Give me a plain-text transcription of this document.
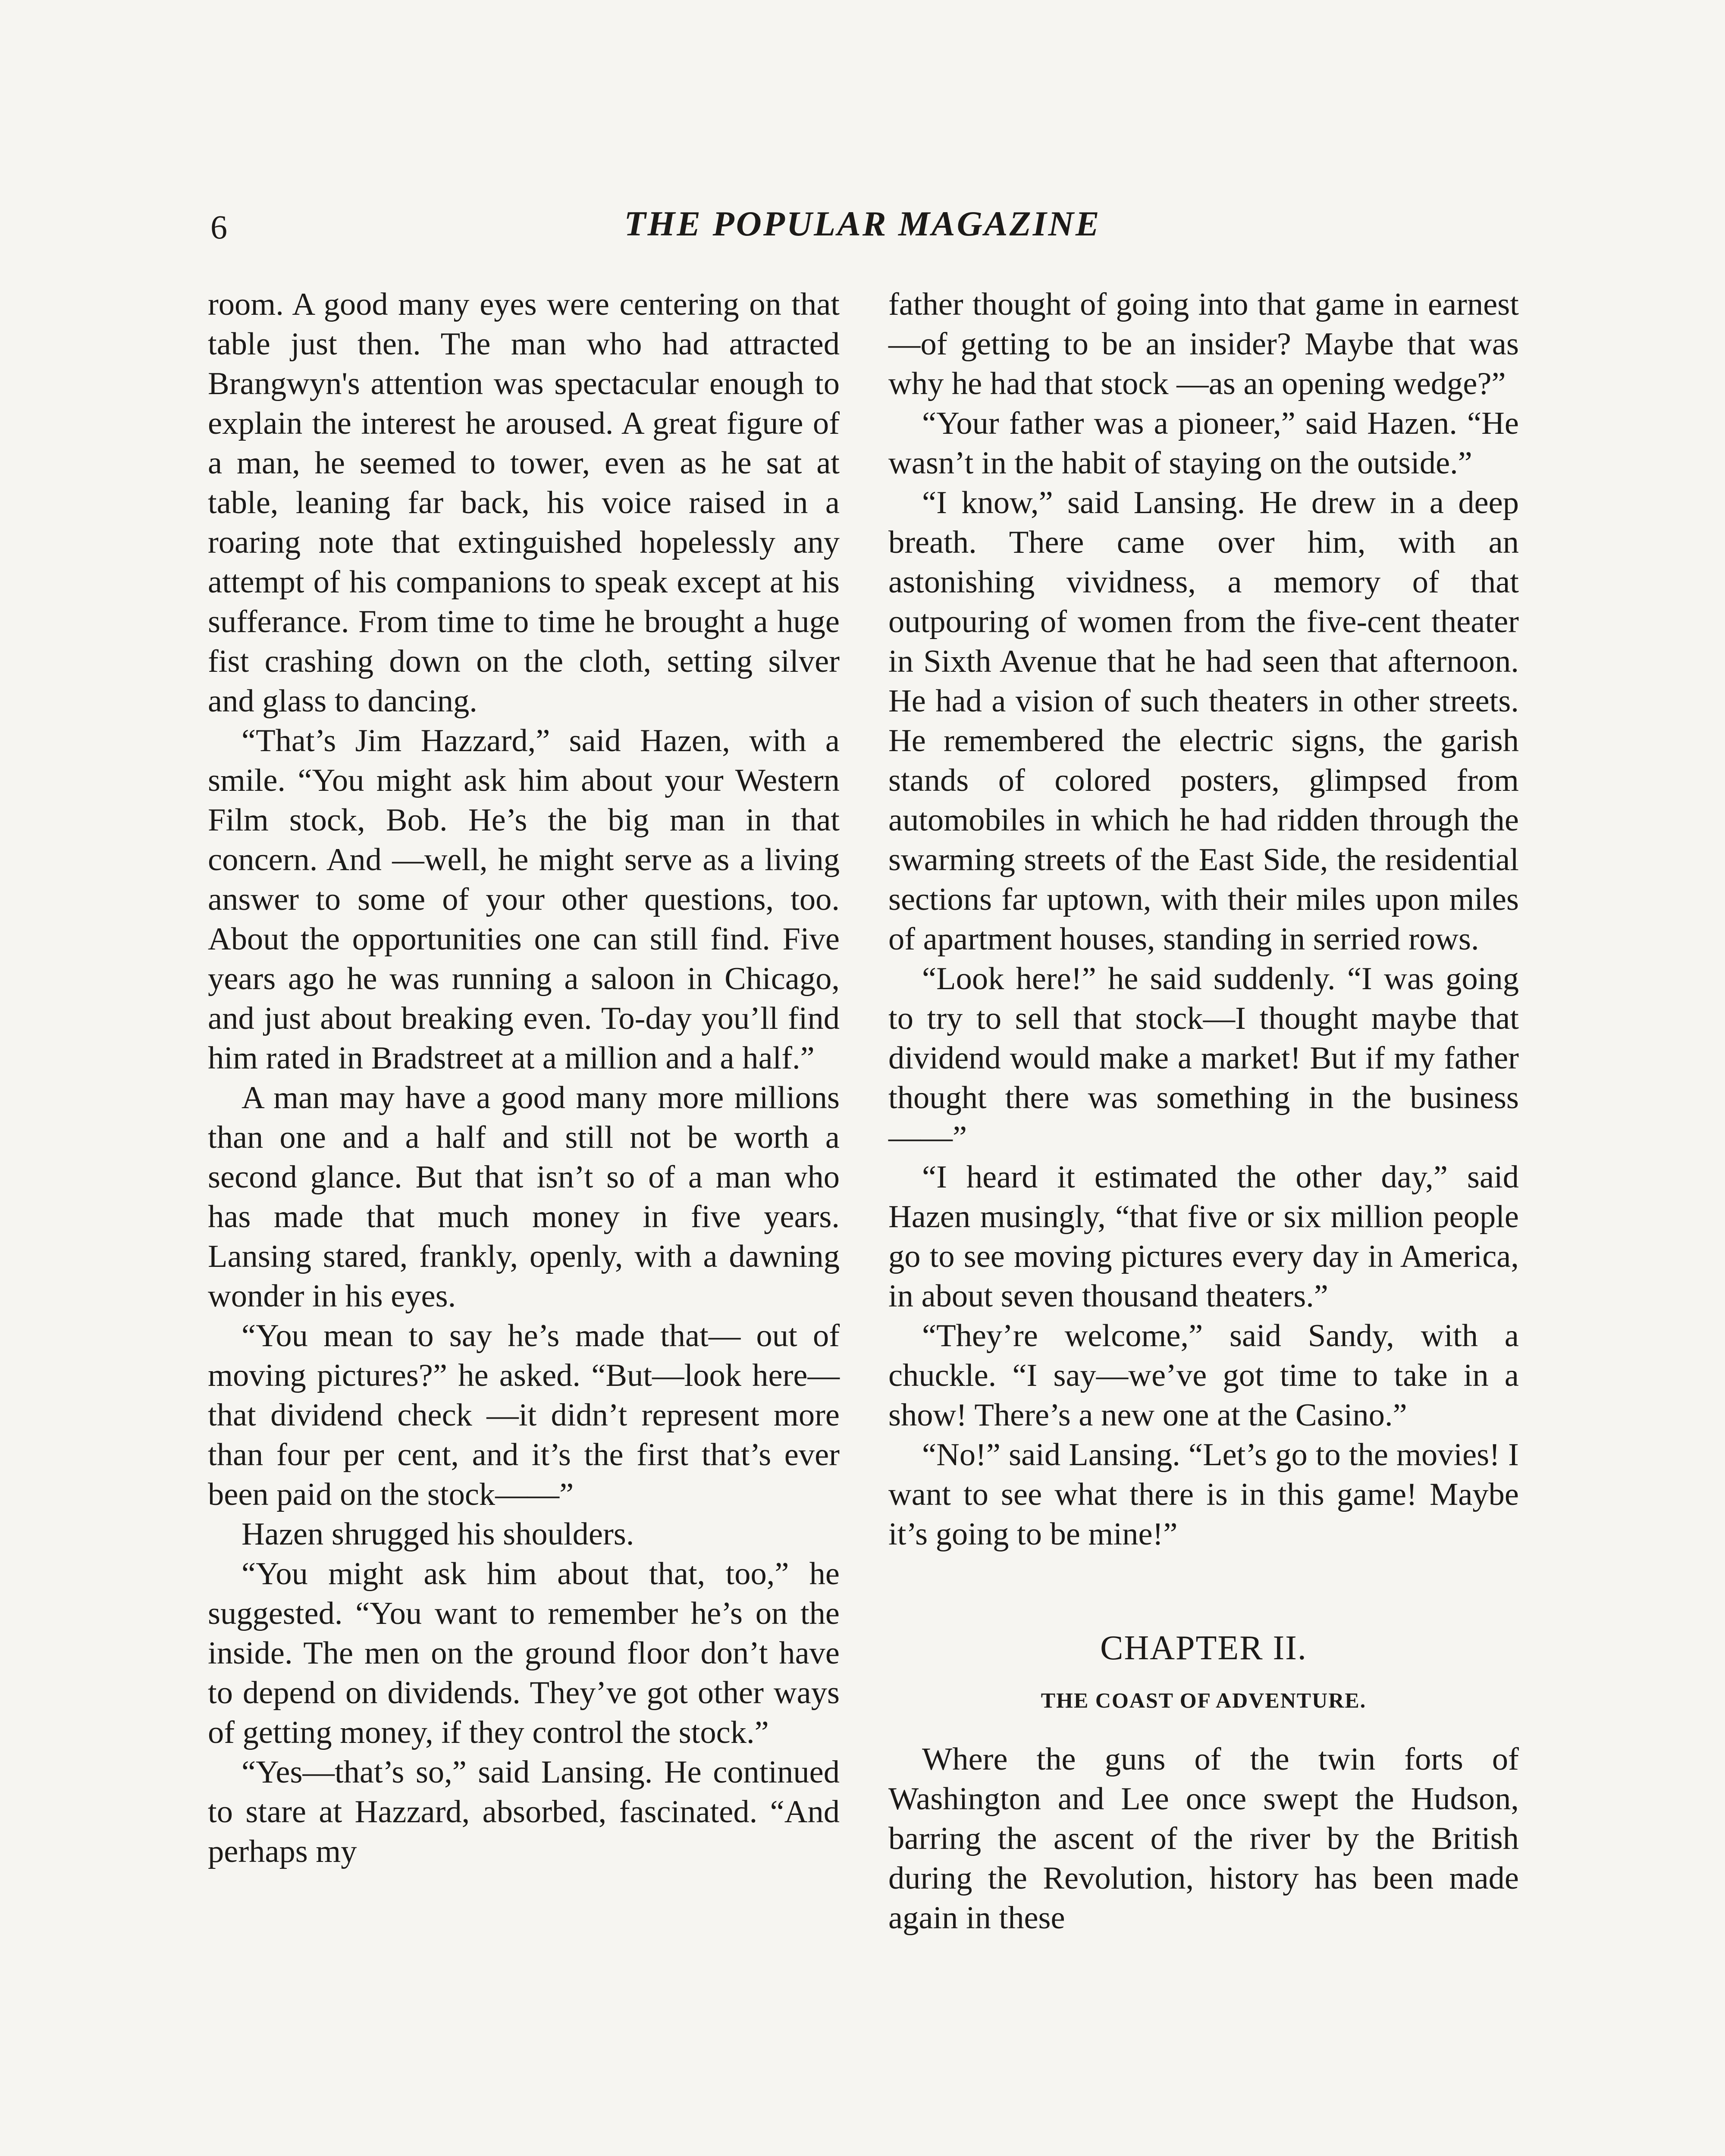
6	THE POPULAR MAGAZINE

room. A good many eyes were centering on that table just then. The man who had attracted Brangwyn's attention was spectacular enough to explain the interest he aroused. A great figure of a man, he seemed to tower, even as he sat at table, leaning far back, his voice raised in a roaring note that extinguished hopelessly any attempt of his companions to speak except at his sufferance. From time to time he brought a huge fist crashing down on the cloth, setting silver and glass to dancing.

“That’s Jim Hazzard,” said Hazen, with a smile. “You might ask him about your Western Film stock, Bob. He’s the big man in that concern. And —well, he might serve as a living answer to some of your other questions, too. About the opportunities one can still find. Five years ago he was running a saloon in Chicago, and just about breaking even. To-day you’ll find him rated in Bradstreet at a million and a half.”

A man may have a good many more millions than one and a half and still not be worth a second glance. But that isn’t so of a man who has made that much money in five years. Lansing stared, frankly, openly, with a dawning wonder in his eyes.

“You mean to say he’s made that— out of moving pictures?” he asked. “But—look here—that dividend check —it didn’t represent more than four per cent, and it’s the first that’s ever been paid on the stock——”

Hazen shrugged his shoulders.

“You might ask him about that, too,” he suggested. “You want to remember he’s on the inside. The men on the ground floor don’t have to depend on dividends. They’ve got other ways of getting money, if they control the stock.”

“Yes—that’s so,” said Lansing. He continued to stare at Hazzard, absorbed, fascinated. “And perhaps my

father thought of going into that game in earnest—of getting to be an insider? Maybe that was why he had that stock —as an opening wedge?”

“Your father was a pioneer,” said Hazen. “He wasn’t in the habit of staying on the outside.”

“I know,” said Lansing. He drew in a deep breath. There came over him, with an astonishing vividness, a memory of that outpouring of women from the five-cent theater in Sixth Avenue that he had seen that afternoon. He had a vision of such theaters in other streets. He remembered the electric signs, the garish stands of colored posters, glimpsed from automobiles in which he had ridden through the swarming streets of the East Side, the residential sections far uptown, with their miles upon miles of apartment houses, standing in serried rows.

“Look here!” he said suddenly. “I was going to try to sell that stock—I thought maybe that dividend would make a market! But if my father thought there was something in the business——”

“I heard it estimated the other day,” said Hazen musingly, “that five or six million people go to see moving pictures every day in America, in about seven thousand theaters.”

“They’re welcome,” said Sandy, with a chuckle. “I say—we’ve got time to take in a show! There’s a new one at the Casino.”

“No!” said Lansing. “Let’s go to the movies! I want to see what there is in this game! Maybe it’s going to be mine!”

CHAPTER II.
THE COAST OF ADVENTURE.

Where the guns of the twin forts of Washington and Lee once swept the Hudson, barring the ascent of the river by the British during the Revolution, history has been made again in these
